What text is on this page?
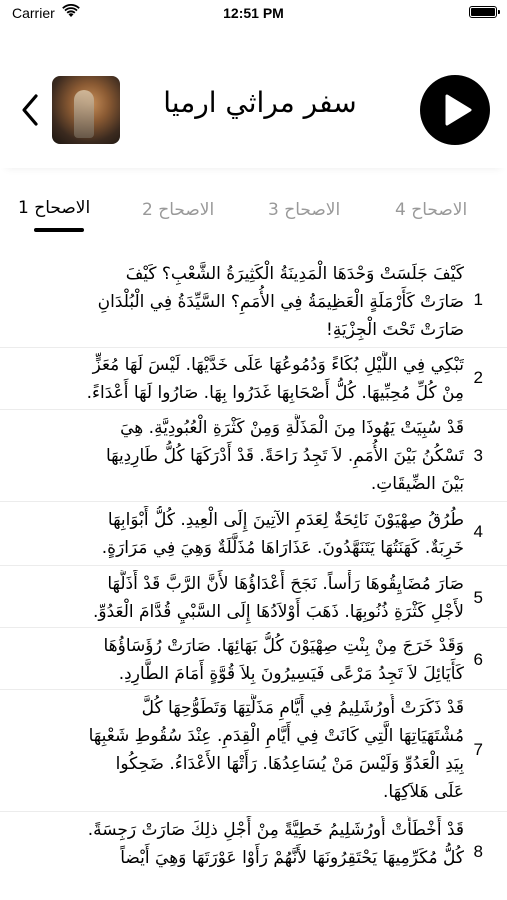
Carrier	12:51 PM
سفر مراثي ارميا
الاصحاح 1	الاصحاح 2	الاصحاح 3	الاصحاح 4
1
كَيْفَ جَلَسَتْ وَحْدَهَا الْمَدِينَةُ الْكَثِيرَةُ الشَّعْبِ؟ كَيْفَ
صَارَتْ كَأَرْمَلَةٍ الْعَظِيمَةُ فِي الأُمَمِ؟ السَّيِّدَةُ فِي الْبُلْدَانِ
صَارَتْ تَحْتَ الْجِزْيَةِ!
2
تَبْكِي فِي اللَّيْلِ بُكَاءً وَدُمُوعُهَا عَلَى خَدَّيْهَا. لَيْسَ لَهَا مُعَزٍّ
مِنْ كُلِّ مُحِبِّيهَا. كُلُّ أَصْحَابِهَا غَدَرُوا بِهَا. صَارُوا لَهَا أَعْدَاءً.
3
قَدْ سُبِيَتْ يَهُوذَا مِنَ الْمَذَلَّةِ وَمِنْ كَثْرَةِ الْعُبُودِيَّةِ. هِيَ
تَسْكُنُ بَيْنَ الأُمَمِ. لاَ تَجِدُ رَاحَةً. قَدْ أَدْرَكَهَا كُلُّ طَارِدِيهَا
بَيْنَ الضِّيقَاتِ.
4
طُرُقُ صِهْيَوْنَ نَائِحَةٌ لِعَدَمِ الآتِينَ إِلَى الْعِيدِ. كُلُّ أَبْوَابِهَا
خَرِبَةٌ. كَهَنَتُهَا يَتَنَهَّدُونَ. عَذَارَاهَا مُذَلَّلَةٌ وَهِيَ فِي مَرَارَةٍ.
5
صَارَ مُضَايِقُوهَا رَأْساً. نَجَحَ أَعْدَاؤُهَا لأَنَّ الرَّبَّ قَدْ أَذَلَّهَا
لأَجْلِ كَثْرَةِ ذُنُوبِهَا. ذَهَبَ أَوْلاَدُهَا إِلَى السَّبْيِ قُدَّامَ الْعَدُوِّ.
6
وَقَدْ خَرَجَ مِنْ بِنْتِ صِهْيَوْنَ كُلُّ بَهَائِهَا. صَارَتْ رُؤَسَاؤُهَا
كَأَيَائِلَ لاَ تَجِدُ مَرْعًى فَيَسِيرُونَ بِلاَ قُوَّةٍ أَمَامَ الطَّارِدِ.
7
قَدْ ذَكَرَتْ أُورُشَلِيمُ فِي أَيَّامِ مَذَلَّتِهَا وَتَطَوُّحِهَا كُلَّ
مُشْتَهَيَاتِهَا الَّتِي كَانَتْ فِي أَيَّامِ الْقِدَمِ. عِنْدَ سُقُوطِ شَعْبِهَا
بِيَدِ الْعَدُوِّ وَلَيْسَ مَنْ يُسَاعِدُهَا. رَأَتْهَا الأَعْدَاءُ. ضَحِكُوا
عَلَى هَلاَكِهَا.
8
قَدْ أَخْطَأَتْ أُورُشَلِيمُ خَطِيَّةً مِنْ أَجْلِ ذلِكَ صَارَتْ رَجِسَةً.
كُلُّ مُكَرِّمِيهَا يَحْتَقِرُونَهَا لأَنَّهُمْ رَأَوْا عَوْرَتَهَا وَهِيَ أَيْضاً
